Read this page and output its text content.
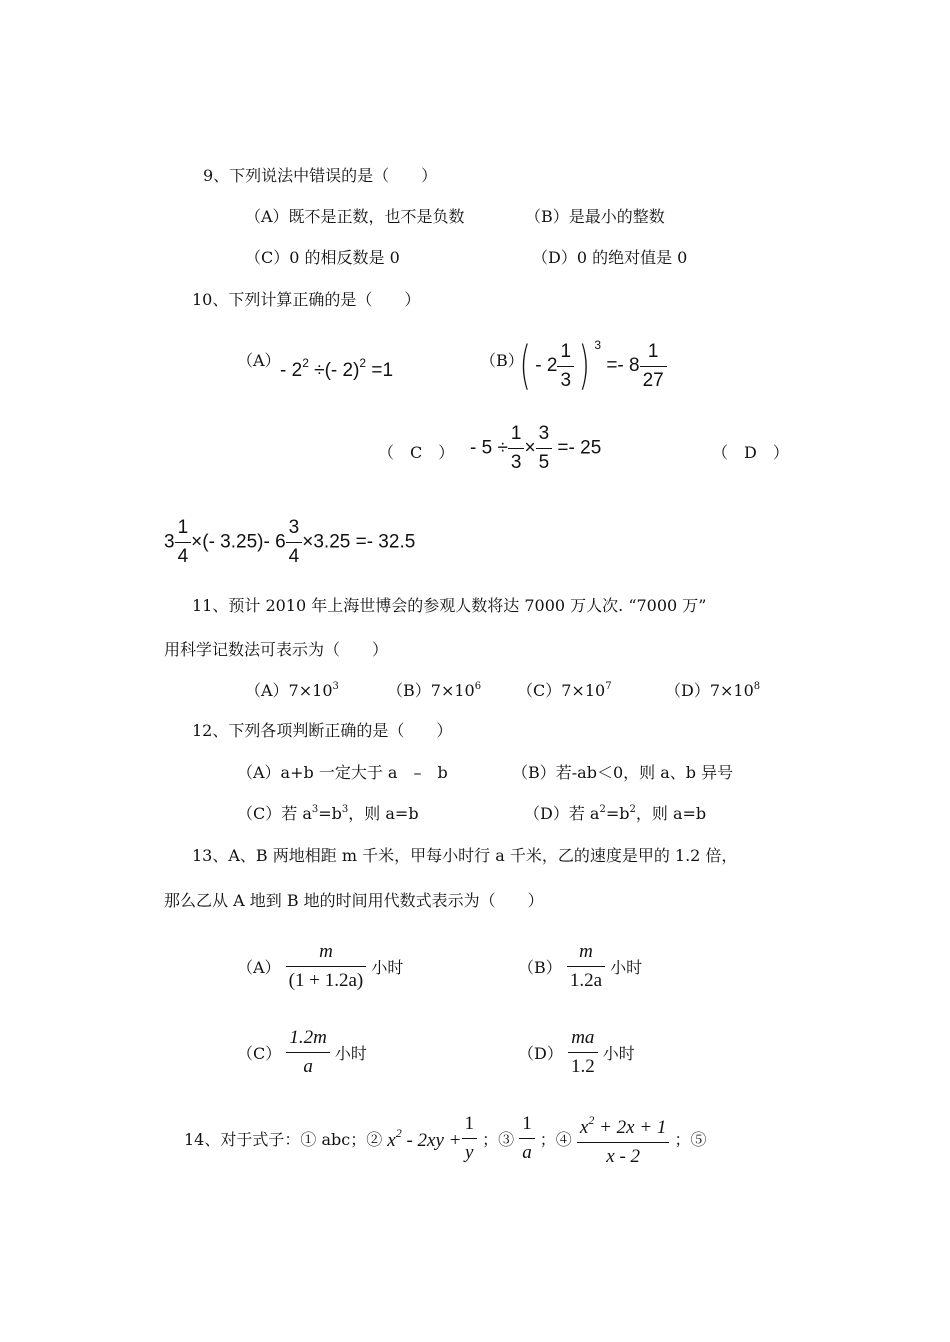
9、下列说法中错误的是（　　）
（A）既不是正数，也不是负数	（B）是最小的整数
（C）0 的相反数是 0	（D）0 的绝对值是 0
10、下列计算正确的是（　　）
$(A) - 2^2$ ÷(- 2)$^2$ =1	（B）
( - $2 \frac{1}{3}$ ) $^3 =- 8 \frac{1}{27}$
（　C　） - $5 \div \frac{1}{3} \times \frac{3}{5} =- 25$	（　D　）
$3 \frac{1}{4}$ ×(- 3.25)- $6 \frac{3}{4} \times 3.25 =- 32.5$
11、预计 2010 年上海世博会的参观人数将达 7000 万人次. “7000 万”
用科学记数法可表示为（　　）
$(A)7\times 10^3$	$(B)7\times 10^6$ $(C)7\times 10^7$	$(D)7\times 10^8$
12、下列各项判断正确的是（　　）
（A）a+b 一定大于 a　–　b	（B）若-ab＜0，则 a、b 异号
（C）若 $a^3=b^3$，则 a=b	（D）若 $a^2=b^2$，则 a=b
13、A、B 两地相距 m 千米，甲每小时行 a 千米，乙的速度是甲的 1.2 倍，
那么乙从 A 地到 B 地的时间用代数式表示为（　　）
$(A) \frac{m}{(1 + 1.2a)}$ 小时	$(B) \frac{m}{1.2a}$ 小时
$(C) \frac{1.2m}{a}$ 小时	$(D) \frac{ma}{1.2}$ 小时
14、对于式子：① abc；② $x^2 - 2xy + \frac{1}{y}$ ；③ $\frac{1}{a}$ ；④ $\frac{x^2 + 2x + 1}{x - 2}$ ；⑤
